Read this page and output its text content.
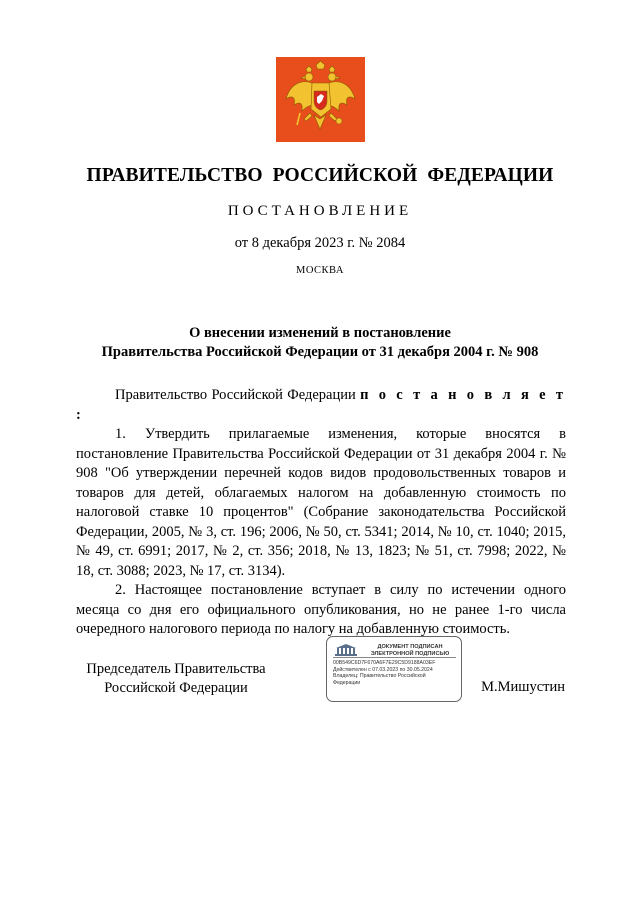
ПРАВИТЕЛЬСТВО РОССИЙСКОЙ ФЕДЕРАЦИИ
ПОСТАНОВЛЕНИЕ
от 8 декабря 2023 г. № 2084
МОСКВА
О внесении изменений в постановление
Правительства Российской Федерации от 31 декабря 2004 г. № 908

Правительство Российской Федерации п о с т а н о в л я е т :

1. Утвердить прилагаемые изменения, которые вносятся в постановление Правительства Российской Федерации от 31 декабря 2004 г. № 908 "Об утверждении перечней кодов видов продовольственных товаров и товаров для детей, облагаемых налогом на добавленную стоимость по налоговой ставке 10 процентов" (Собрание законодательства Российской Федерации, 2005, № 3, ст. 196; 2006, № 50, ст. 5341; 2014, № 10, ст. 1040; 2015, № 49, ст. 6991; 2017, № 2, ст. 356; 2018, № 13, 1823; № 51, ст. 7998; 2022, № 18, ст. 3088; 2023, № 17, ст. 3134).

2. Настоящее постановление вступает в силу по истечении одного месяца со дня его официального опубликования, но не ранее 1-го числа очередного налогового периода по налогу на добавленную стоимость.

Председатель Правительства
Российской Федерации
ДОКУМЕНТ ПОДПИСАН
ЭЛЕКТРОННОЙ ПОДПИСЬЮ
00B549C6D7F670A6F7E29C5D9188A03EF
Действителен с 07.03.2023 по 30.05.2024
Владелец: Правительство Российской
Федерации	М.Мишустин
